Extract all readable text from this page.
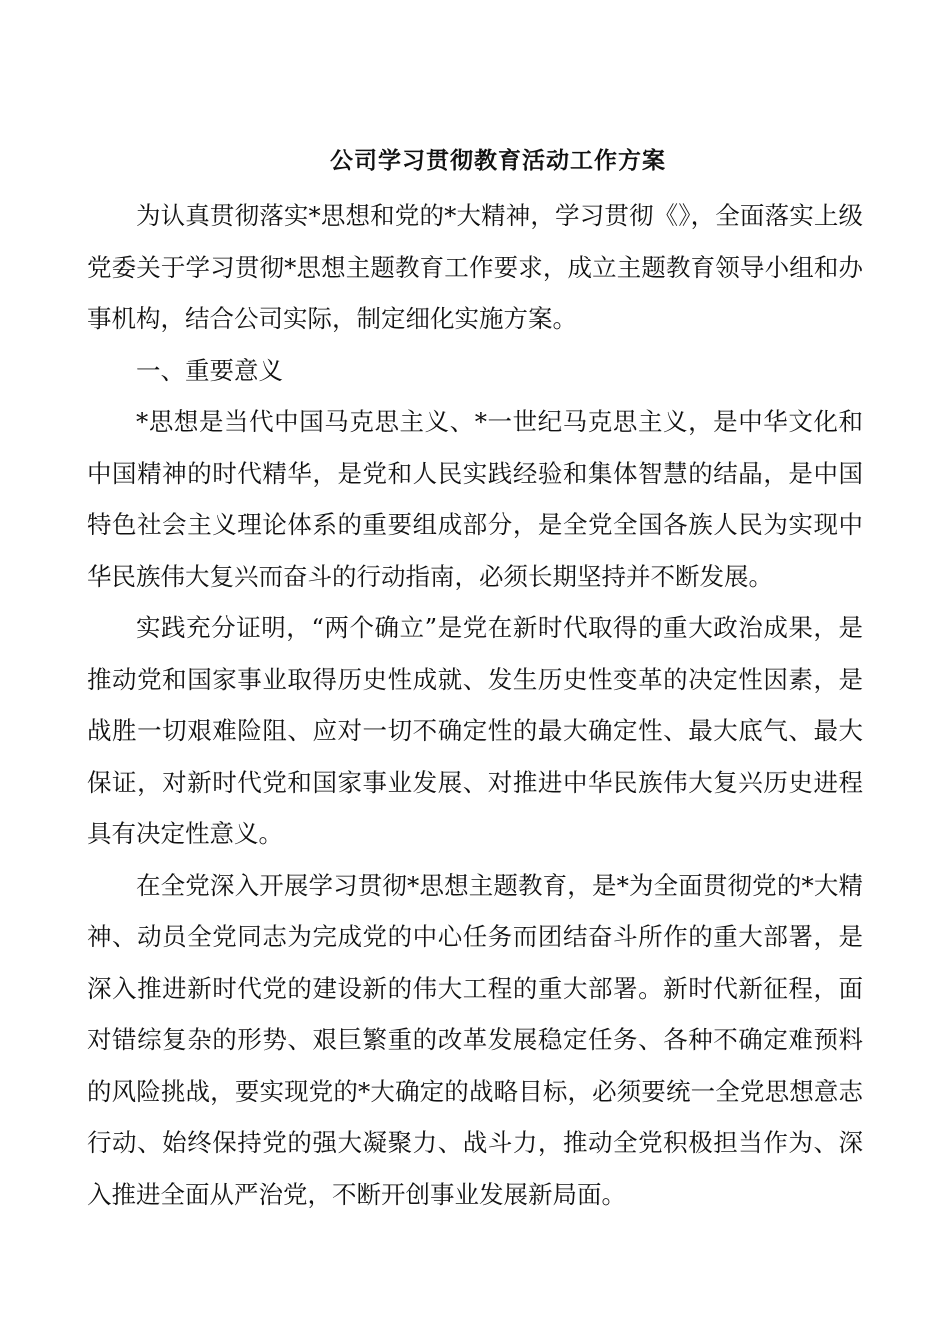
公司学习贯彻教育活动工作方案

为认真贯彻落实*思想和党的*大精神，学习贯彻《》，全面落实上级党委关于学习贯彻*思想主题教育工作要求，成立主题教育领导小组和办事机构，结合公司实际，制定细化实施方案。

一、重要意义

*思想是当代中国马克思主义、*一世纪马克思主义，是中华文化和中国精神的时代精华，是党和人民实践经验和集体智慧的结晶，是中国特色社会主义理论体系的重要组成部分，是全党全国各族人民为实现中华民族伟大复兴而奋斗的行动指南，必须长期坚持并不断发展。

实践充分证明，“两个确立”是党在新时代取得的重大政治成果，是推动党和国家事业取得历史性成就、发生历史性变革的决定性因素，是战胜一切艰难险阻、应对一切不确定性的最大确定性、最大底气、最大保证，对新时代党和国家事业发展、对推进中华民族伟大复兴历史进程具有决定性意义。

在全党深入开展学习贯彻*思想主题教育，是*为全面贯彻党的*大精神、动员全党同志为完成党的中心任务而团结奋斗所作的重大部署，是深入推进新时代党的建设新的伟大工程的重大部署。新时代新征程，面对错综复杂的形势、艰巨繁重的改革发展稳定任务、各种不确定难预料的风险挑战，要实现党的*大确定的战略目标，必须要统一全党思想意志行动、始终保持党的强大凝聚力、战斗力，推动全党积极担当作为、深入推进全面从严治党，不断开创事业发展新局面。
